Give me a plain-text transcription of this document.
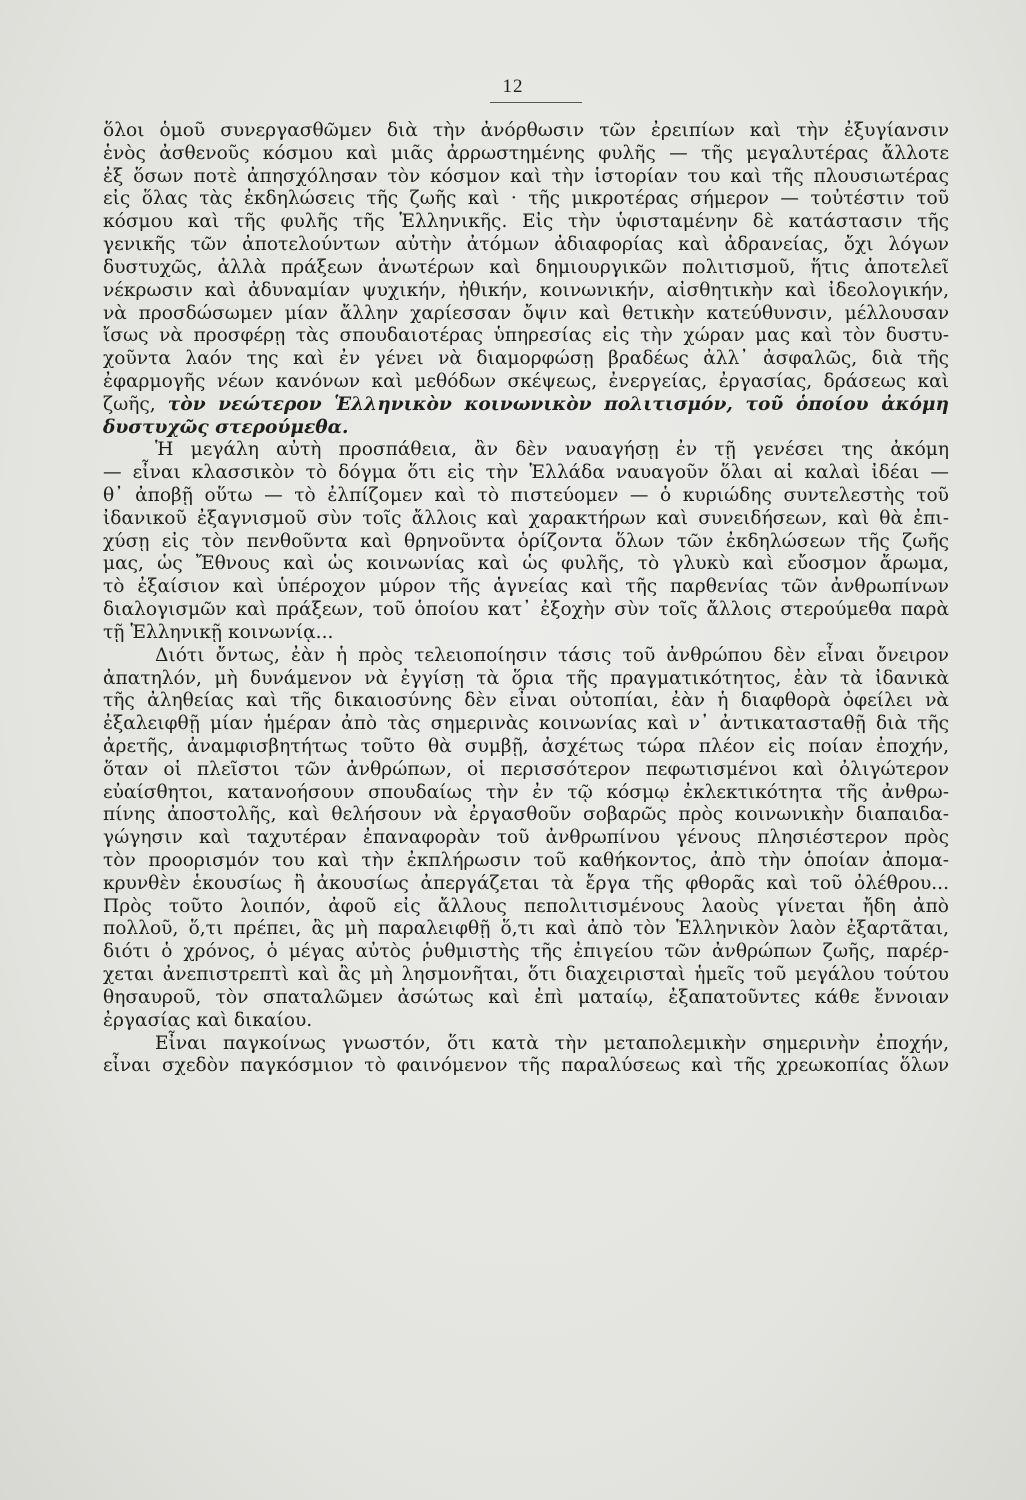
12
ὅλοι ὁμοῦ συνεργασθῶμεν διὰ τὴν ἀνόρθωσιν τῶν ἐρειπίων καὶ τὴν ἐξυγίανσιν
ἑνὸς ἀσθενοῦς κόσμου καὶ μιᾶς ἀρρωστημένης φυλῆς — τῆς μεγαλυτέρας ἄλλοτε
ἐξ ὅσων ποτὲ ἀπησχόλησαν τὸν κόσμον καὶ τὴν ἱστορίαν του καὶ τῆς πλουσιωτέρας
εἰς ὅλας τὰς ἐκδηλώσεις τῆς ζωῆς καὶ · τῆς μικροτέρας σήμερον — τοὐτέστιν τοῦ
κόσμου καὶ τῆς φυλῆς τῆς Ἑλληνικῆς. Εἰς τὴν ὑφισταμένην δὲ κατάστασιν τῆς
γενικῆς τῶν ἀποτελούντων αὐτὴν ἀτόμων ἀδιαφορίας καὶ ἀδρανείας, ὄχι λόγων
δυστυχῶς, ἀλλὰ πράξεων ἀνωτέρων καὶ δημιουργικῶν πολιτισμοῦ, ἥτις ἀποτελεῖ
νέκρωσιν καὶ ἀδυναμίαν ψυχικήν, ἠθικήν, κοινωνικήν, αἰσθητικὴν καὶ ἰδεολογικήν,
νὰ προσδώσωμεν μίαν ἄλλην χαρίεσσαν ὄψιν καὶ θετικὴν κατεύθυνσιν, μέλλουσαν
ἴσως νὰ προσφέρῃ τὰς σπουδαιοτέρας ὑπηρεσίας εἰς τὴν χώραν μας καὶ τὸν δυστυ-
χοῦντα λαόν της καὶ ἐν γένει νὰ διαμορφώσῃ βραδέως ἀλλ᾽ ἀσφαλῶς, διὰ τῆς
ἐφαρμογῆς νέων κανόνων καὶ μεθόδων σκέψεως, ἐνεργείας, ἐργασίας, δράσεως καὶ
ζωῆς, τὸν νεώτερον Ἑλληνικὸν κοινωνικὸν πολιτισμόν, τοῦ ὁποίου ἀκόμη
δυστυχῶς στερούμεθα.
Ἡ μεγάλη αὐτὴ προσπάθεια, ἂν δὲν ναυαγήσῃ ἐν τῇ γενέσει της ἀκόμη
— εἶναι κλασσικὸν τὸ δόγμα ὅτι εἰς τὴν Ἑλλάδα ναυαγοῦν ὅλαι αἱ καλαὶ ἰδέαι —
θ᾽ ἀποβῇ οὕτω — τὸ ἐλπίζομεν καὶ τὸ πιστεύομεν — ὁ κυριώδης συντελεστὴς τοῦ
ἰδανικοῦ ἐξαγνισμοῦ σὺν τοῖς ἄλλοις καὶ χαρακτήρων καὶ συνειδήσεων, καὶ θὰ ἐπι-
χύσῃ εἰς τὸν πενθοῦντα καὶ θρηνοῦντα ὁρίζοντα ὅλων τῶν ἐκδηλώσεων τῆς ζωῆς
μας, ὡς Ἔθνους καὶ ὡς κοινωνίας καὶ ὡς φυλῆς, τὸ γλυκὺ καὶ εὔοσμον ἄρωμα,
τὸ ἐξαίσιον καὶ ὑπέροχον μύρον τῆς ἁγνείας καὶ τῆς παρθενίας τῶν ἀνθρωπίνων
διαλογισμῶν καὶ πράξεων, τοῦ ὁποίου κατ᾽ ἐξοχὴν σὺν τοῖς ἄλλοις στερούμεθα παρὰ
τῇ Ἑλληνικῇ κοινωνίᾳ...
Διότι ὄντως, ἐὰν ἡ πρὸς τελειοποίησιν τάσις τοῦ ἀνθρώπου δὲν εἶναι ὄνειρον
ἀπατηλόν, μὴ δυνάμενον νὰ ἐγγίσῃ τὰ ὅρια τῆς πραγματικότητος, ἐὰν τὰ ἰδανικὰ
τῆς ἀληθείας καὶ τῆς δικαιοσύνης δὲν εἶναι οὐτοπίαι, ἐὰν ἡ διαφθορὰ ὀφείλει νὰ
ἐξαλειφθῇ μίαν ἡμέραν ἀπὸ τὰς σημερινὰς κοινωνίας καὶ ν᾽ ἀντικατασταθῇ διὰ τῆς
ἀρετῆς, ἀναμφισβητήτως τοῦτο θὰ συμβῇ, ἀσχέτως τώρα πλέον εἰς ποίαν ἐποχήν,
ὅταν οἱ πλεῖστοι τῶν ἀνθρώπων, οἱ περισσότερον πεφωτισμένοι καὶ ὀλιγώτερον
εὐαίσθητοι, κατανοήσουν σπουδαίως τὴν ἐν τῷ κόσμῳ ἐκλεκτικότητα τῆς ἀνθρω-
πίνης ἀποστολῆς, καὶ θελήσουν νὰ ἐργασθοῦν σοβαρῶς πρὸς κοινωνικὴν διαπαιδα-
γώγησιν καὶ ταχυτέραν ἐπαναφορὰν τοῦ ἀνθρωπίνου γένους πλησιέστερον πρὸς
τὸν προορισμόν του καὶ τὴν ἐκπλήρωσιν τοῦ καθήκοντος, ἀπὸ τὴν ὁποίαν ἀπομα-
κρυνθὲν ἑκουσίως ἢ ἀκουσίως ἀπεργάζεται τὰ ἔργα τῆς φθορᾶς καὶ τοῦ ὀλέθρου...
Πρὸς τοῦτο λοιπόν, ἀφοῦ εἰς ἄλλους πεπολιτισμένους λαοὺς γίνεται ἤδη ἀπὸ
πολλοῦ, ὅ,τι πρέπει, ἂς μὴ παραλειφθῇ ὅ,τι καὶ ἀπὸ τὸν Ἑλληνικὸν λαὸν ἐξαρτᾶται,
διότι ὁ χρόνος, ὁ μέγας αὐτὸς ῥυθμιστὴς τῆς ἐπιγείου τῶν ἀνθρώπων ζωῆς, παρέρ-
χεται ἀνεπιστρεπτὶ καὶ ἂς μὴ λησμονῆται, ὅτι διαχειρισταὶ ἡμεῖς τοῦ μεγάλου τούτου
θησαυροῦ, τὸν σπαταλῶμεν ἀσώτως καὶ ἐπὶ ματαίῳ, ἐξαπατοῦντες κάθε ἔννοιαν
ἐργασίας καὶ δικαίου.
Εἶναι παγκοίνως γνωστόν, ὅτι κατὰ τὴν μεταπολεμικὴν σημερινὴν ἐποχήν,
εἶναι σχεδὸν παγκόσμιον τὸ φαινόμενον τῆς παραλύσεως καὶ τῆς χρεωκοπίας ὅλων
